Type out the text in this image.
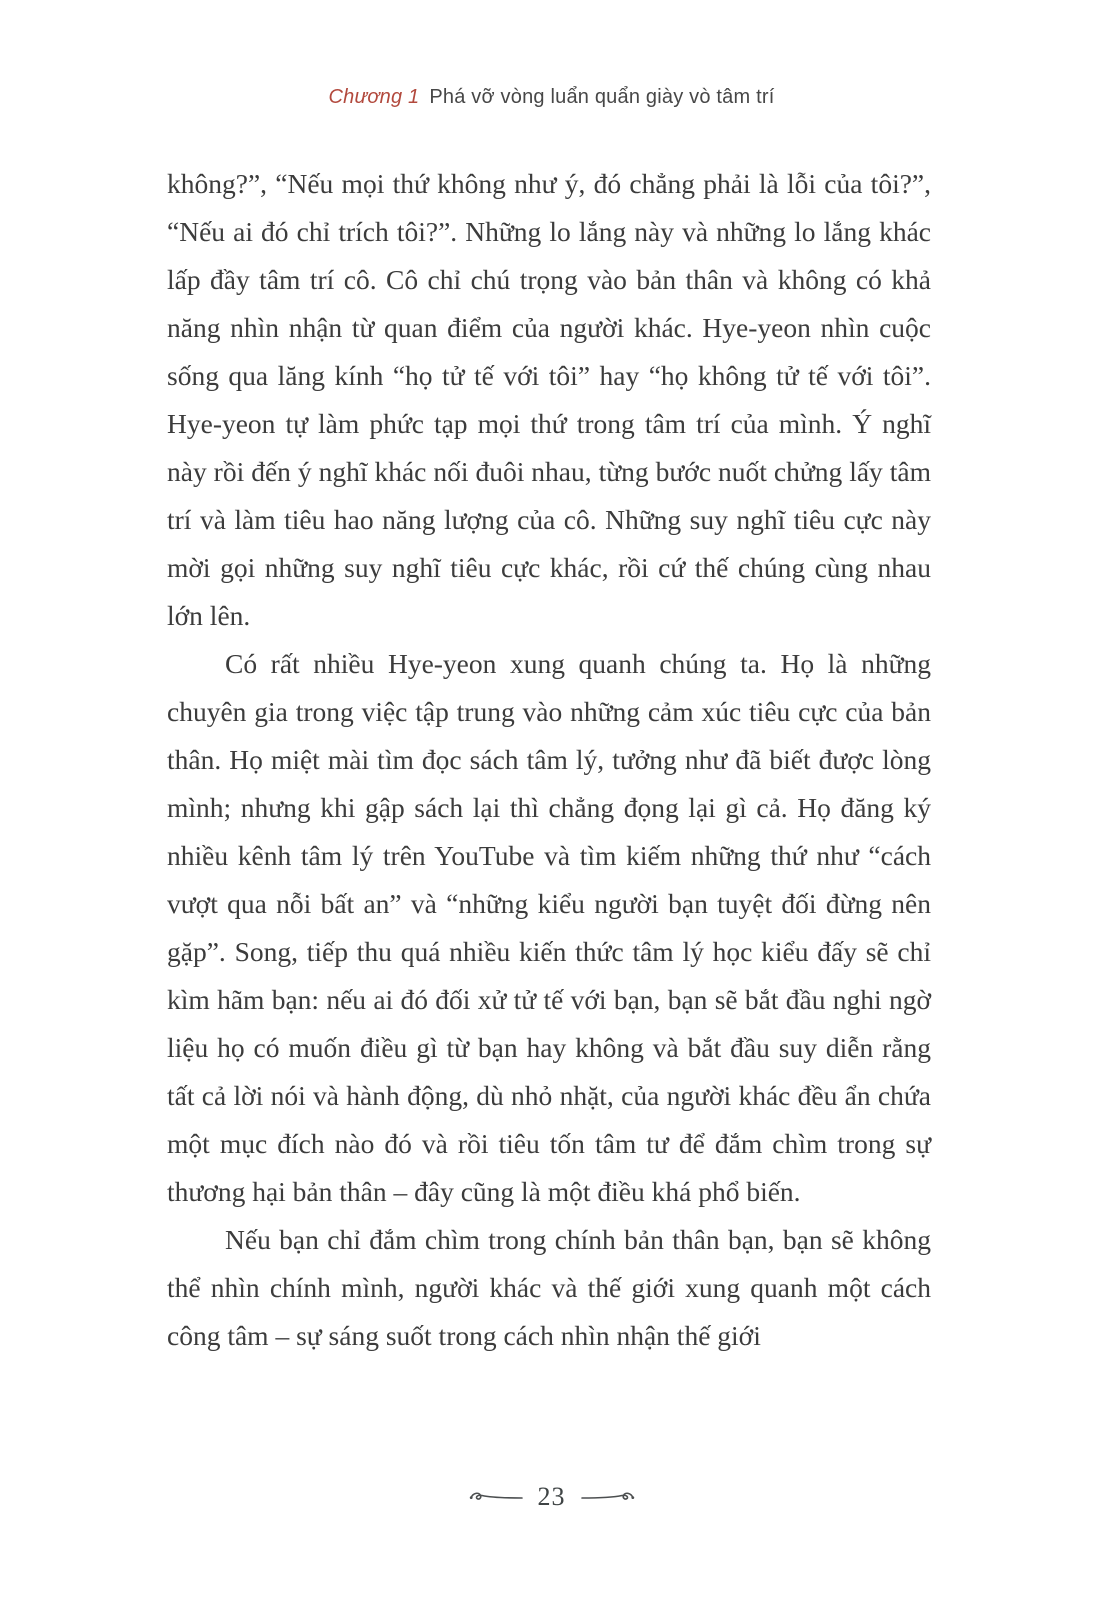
Chương 1 Phá vỡ vòng luẩn quẩn giày vò tâm trí

không?”, “Nếu mọi thứ không như ý, đó chẳng phải là lỗi của tôi?”, “Nếu ai đó chỉ trích tôi?”. Những lo lắng này và những lo lắng khác lấp đầy tâm trí cô. Cô chỉ chú trọng vào bản thân và không có khả năng nhìn nhận từ quan điểm của người khác. Hye-yeon nhìn cuộc sống qua lăng kính “họ tử tế với tôi” hay “họ không tử tế với tôi”. Hye-yeon tự làm phức tạp mọi thứ trong tâm trí của mình. Ý nghĩ này rồi đến ý nghĩ khác nối đuôi nhau, từng bước nuốt chửng lấy tâm trí và làm tiêu hao năng lượng của cô. Những suy nghĩ tiêu cực này mời gọi những suy nghĩ tiêu cực khác, rồi cứ thế chúng cùng nhau lớn lên.

Có rất nhiều Hye-yeon xung quanh chúng ta. Họ là những chuyên gia trong việc tập trung vào những cảm xúc tiêu cực của bản thân. Họ miệt mài tìm đọc sách tâm lý, tưởng như đã biết được lòng mình; nhưng khi gập sách lại thì chẳng đọng lại gì cả. Họ đăng ký nhiều kênh tâm lý trên YouTube và tìm kiếm những thứ như “cách vượt qua nỗi bất an” và “những kiểu người bạn tuyệt đối đừng nên gặp”. Song, tiếp thu quá nhiều kiến thức tâm lý học kiểu đấy sẽ chỉ kìm hãm bạn: nếu ai đó đối xử tử tế với bạn, bạn sẽ bắt đầu nghi ngờ liệu họ có muốn điều gì từ bạn hay không và bắt đầu suy diễn rằng tất cả lời nói và hành động, dù nhỏ nhặt, của người khác đều ẩn chứa một mục đích nào đó và rồi tiêu tốn tâm tư để đắm chìm trong sự thương hại bản thân – đây cũng là một điều khá phổ biến.

Nếu bạn chỉ đắm chìm trong chính bản thân bạn, bạn sẽ không thể nhìn chính mình, người khác và thế giới xung quanh một cách công tâm – sự sáng suốt trong cách nhìn nhận thế giới

23
